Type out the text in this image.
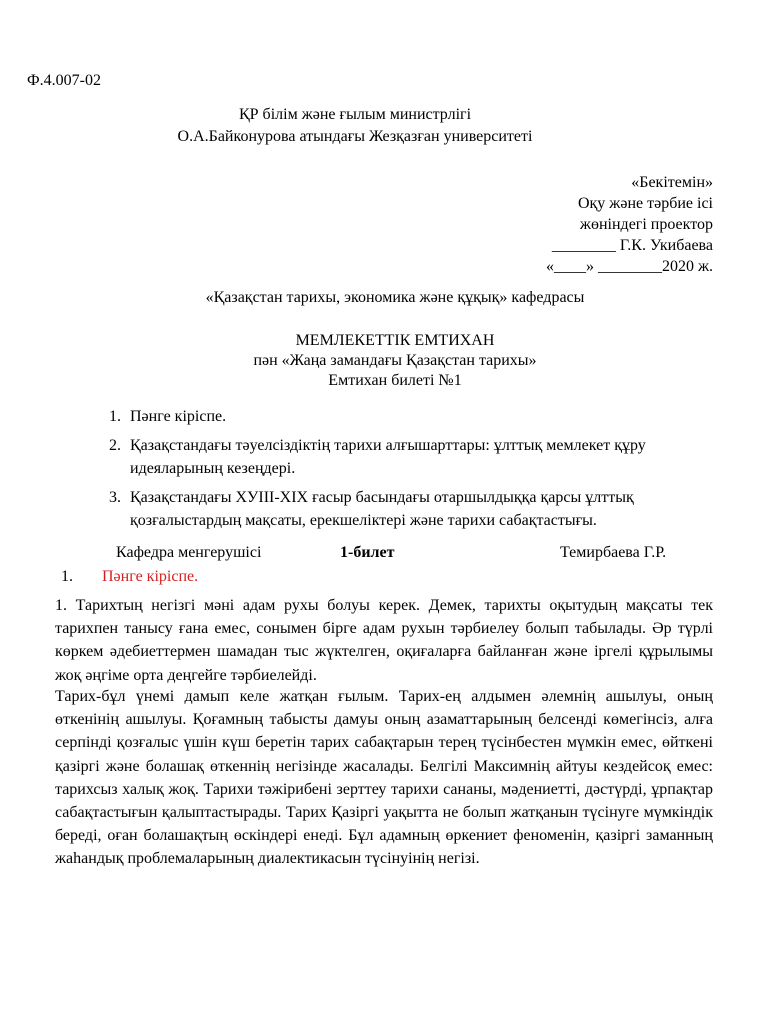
Ф.4.007-02
ҚР білім және ғылым министрлігі
О.А.Байконурова атындағы Жезқазған университеті
«Бекітемін»
Оқу және тәрбие ісі
жөніндегі проектор
________ Г.К. Укибаева
«____» ________2020 ж.
«Қазақстан тарихы, экономика және құқық» кафедрасы
МЕМЛЕКЕТТІК ЕМТИХАН
пән «Жаңа замандағы Қазақстан тарихы»
Емтихан билеті №1
1. Пәнге кіріспе.
2. Қазақстандағы тәуелсіздіктің тарихи алғышарттары: ұлттық мемлекет құру идеяларының кезеңдері.
3. Қазақстандағы ХУІІІ-ХІХ ғасыр басындағы отаршылдыққа қарсы ұлттық қозғалыстардың мақсаты, ерекшеліктері және тарихи сабақтастығы.
Кафедра менгерушісі	1-билет	Темирбаева Г.Р.
1. Пәнге кіріспе.

1. Тарихтың негізгі мәні адам рухы болуы керек. Демек, тарихты оқытудың мақсаты тек тарихпен танысу ғана емес, сонымен бірге адам рухын тәрбиелеу болып табылады. Әр түрлі көркем әдебиеттермен шамадан тыс жүктелген, оқиғаларға байланған және іргелі құрылымы жоқ әңгіме орта деңгейге тәрбиелейді.

Тарих-бұл үнемі дамып келе жатқан ғылым. Тарих-ең алдымен әлемнің ашылуы, оның өткенінің ашылуы. Қоғамның табысты дамуы оның азаматтарының белсенді көмегінсіз, алға серпінді қозғалыс үшін күш беретін тарих сабақтарын терең түсінбестен мүмкін емес, өйткені қазіргі және болашақ өткеннің негізінде жасалады. Белгілі Максимнің айтуы кездейсоқ емес: тарихсыз халық жоқ. Тарихи тәжірибені зерттеу тарихи сананы, мәдениетті, дәстүрді, ұрпақтар сабақтастығын қалыптастырады. Тарих Қазіргі уақытта не болып жатқанын түсінуге мүмкіндік береді, оған болашақтың өскіндері енеді. Бұл адамның өркениет феноменін, қазіргі заманның жаһандық проблемаларының диалектикасын түсінуінің негізі.
